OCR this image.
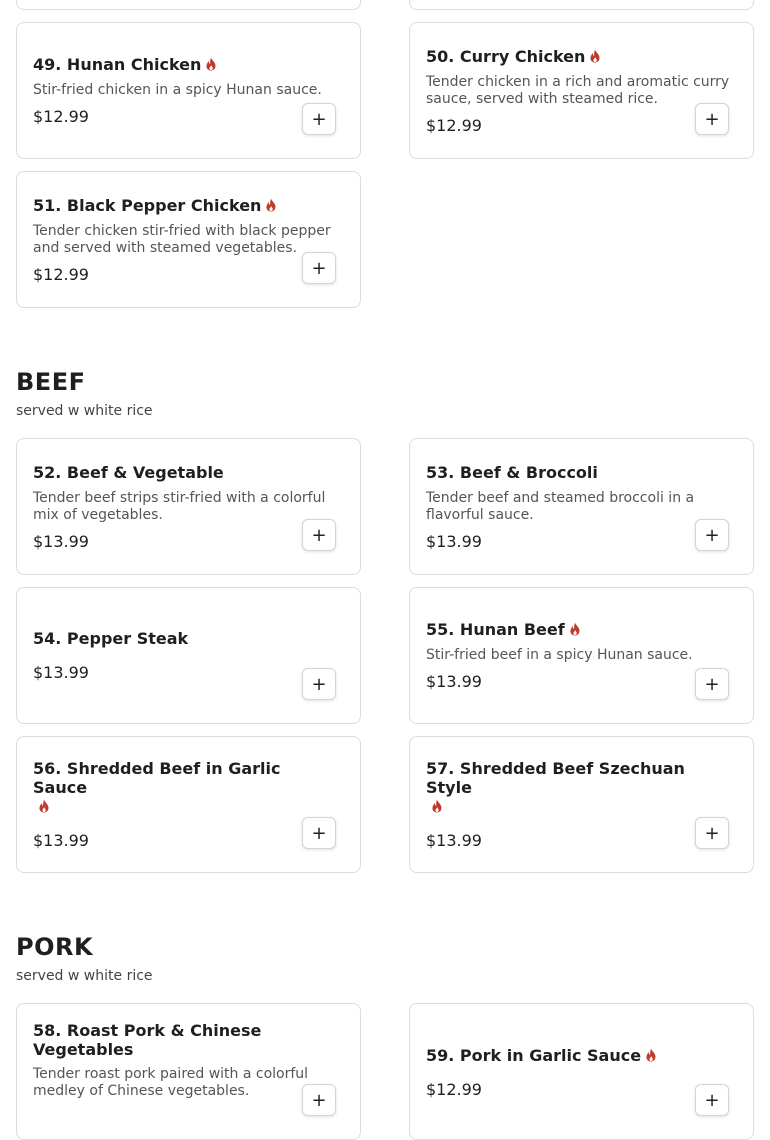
49. Hunan Chicken
Stir-fried chicken in a spicy Hunan sauce.
$12.99	+
50. Curry Chicken
Tender chicken in a rich and aromatic curry sauce, served with steamed rice.
$12.99	+
51. Black Pepper Chicken
Tender chicken stir-fried with black pepper and served with steamed vegetables.
$12.99	+
BEEF
served w white rice
52. Beef & Vegetable
Tender beef strips stir-fried with a colorful mix of vegetables.
$13.99	+
53. Beef & Broccoli
Tender beef and steamed broccoli in a flavorful sauce.
$13.99	+
54. Pepper Steak
$13.99
+
55. Hunan Beef
Stir-fried beef in a spicy Hunan sauce.
$13.99	+
56. Shredded Beef in Garlic Sauce

$13.99	+
57. Shredded Beef Szechuan Style

$13.99	+
PORK
served w white rice
58. Roast Pork & Chinese Vegetables
Tender roast pork paired with a colorful medley of Chinese vegetables.	+
59. Pork in Garlic Sauce
$12.99	+
